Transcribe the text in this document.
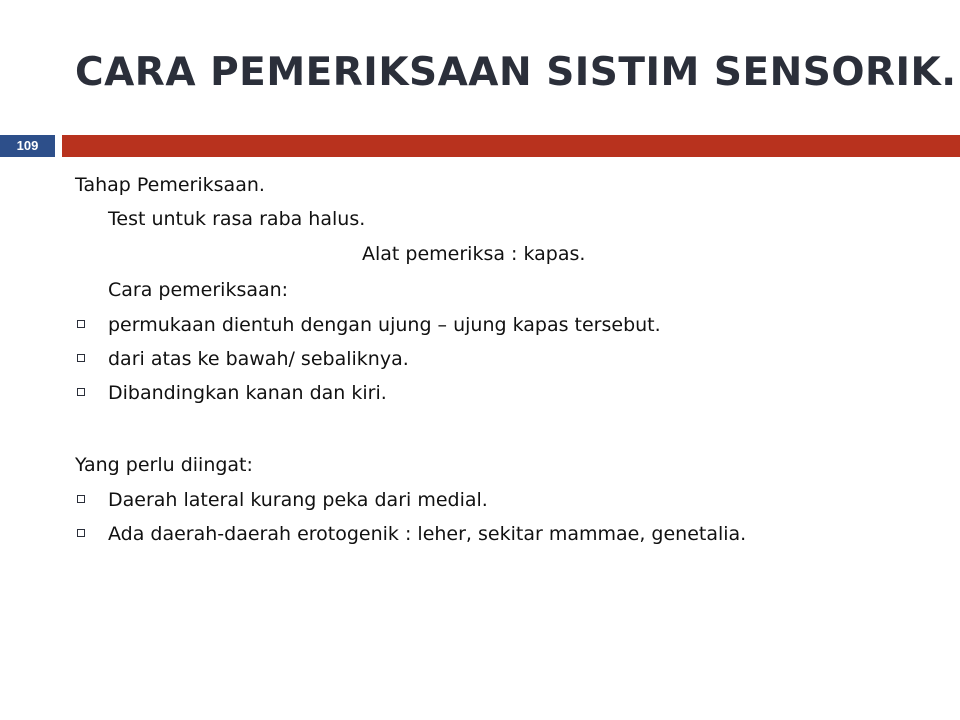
CARA PEMERIKSAAN SISTIM SENSORIK.
109
Tahap Pemeriksaan.
Test untuk rasa raba halus.
Alat pemeriksa : kapas.
Cara pemeriksaan:
permukaan dientuh dengan ujung – ujung kapas tersebut.
dari atas ke bawah/ sebaliknya.
Dibandingkan kanan dan kiri.
Yang perlu diingat:
Daerah lateral kurang peka dari medial.
Ada daerah-daerah erotogenik : leher, sekitar mammae, genetalia.
